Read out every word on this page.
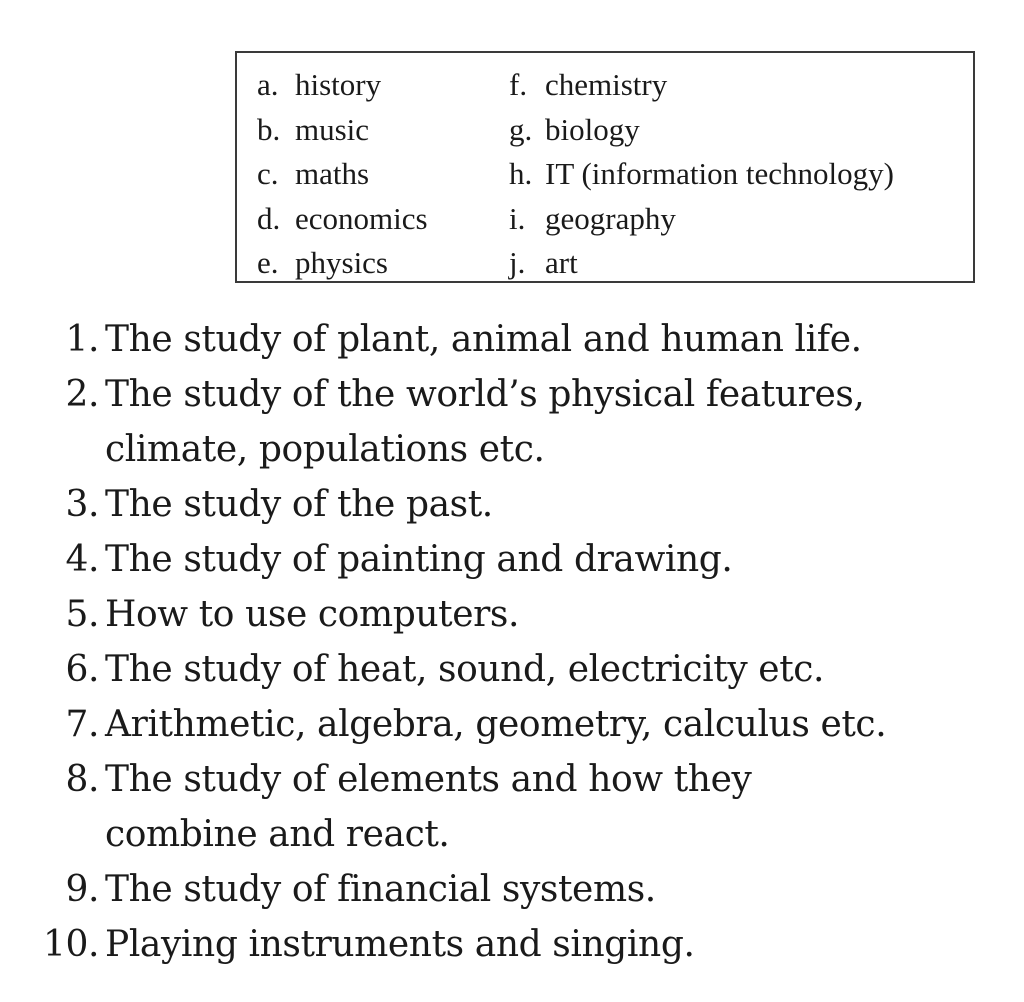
a. history
b. music
c. maths
d. economics
e. physics
f. chemistry
g. biology
h. IT (information technology)
i. geography
j. art
1. The study of plant, animal and human life.
2. The study of the world’s physical features, climate, populations etc.
3. The study of the past.
4. The study of painting and drawing.
5. How to use computers.
6. The study of heat, sound, electricity etc.
7. Arithmetic, algebra, geometry, calculus etc.
8. The study of elements and how they combine and react.
9. The study of financial systems.
10. Playing instruments and singing.
